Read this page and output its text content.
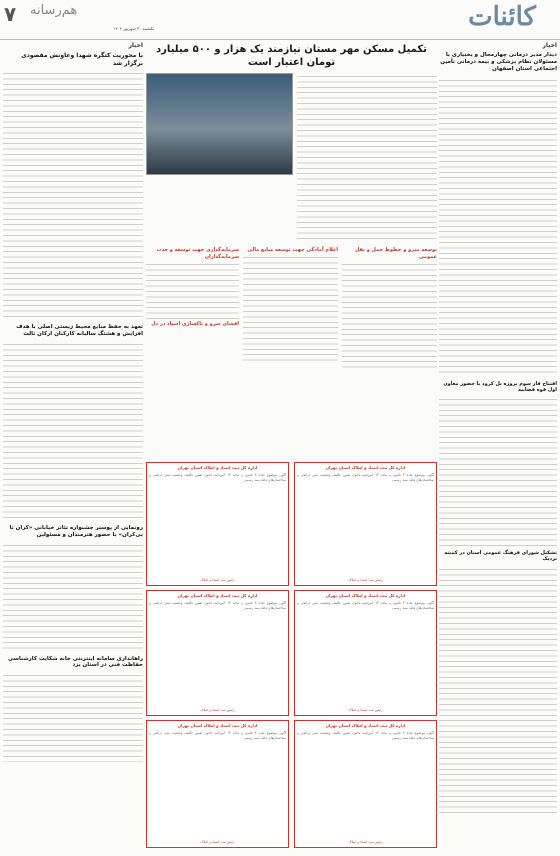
۷ هم‌رسانه
یکشنبه ۳۰ شهریور ۱۴۰۴	کائنات
اخبار
دیدار مدیر درمانی چهارمحال و بختیاری با مسئولان نظام پزشکی و بیمه درمانی تأمین اجتماعی استان اصفهان
افتتاح فاز سوم پروژه پل کرود با حضور معاون اول قوه قضاییه
تشکیل شورای فرهنگ عمومی استان در کمیته نزدیک
تکمیل مسکن مهر مستان نیازمند یک هزار و ۵۰۰ میلیارد تومان اعتبار است
توسعه مترو و خطوط حمل و نقل عمومی
اعلام آمادگی جهت توسعه منابع مالی
سرمایه‌گذاری جهت توسعه و جذب سرمایه‌گذاران
افشای سرو و پاکسازی اسناد در دل
اداره کل ثبت اسناد و املاک استان تهران
آگهی موضوع ماده ۳ قانون و ماده ۱۳ آیین‌نامه قانون تعیین تکلیف وضعیت ثبتی اراضی و ساختمان‌های فاقد سند رسمی
رئیس ثبت اسناد و املاک
اداره کل ثبت اسناد و املاک استان تهران
آگهی موضوع ماده ۳ قانون و ماده ۱۳ آیین‌نامه قانون تعیین تکلیف وضعیت ثبتی اراضی و ساختمان‌های فاقد سند رسمی
رئیس ثبت اسناد و املاک
اداره کل ثبت اسناد و املاک استان تهران
آگهی موضوع ماده ۳ قانون و ماده ۱۳ آیین‌نامه قانون تعیین تکلیف وضعیت ثبتی اراضی و ساختمان‌های فاقد سند رسمی
رئیس ثبت اسناد و املاک
اداره کل ثبت اسناد و املاک استان تهران
آگهی موضوع ماده ۳ قانون و ماده ۱۳ آیین‌نامه قانون تعیین تکلیف وضعیت ثبتی اراضی و ساختمان‌های فاقد سند رسمی
رئیس ثبت اسناد و املاک
اداره کل ثبت اسناد و املاک استان تهران
آگهی موضوع ماده ۳ قانون و ماده ۱۳ آیین‌نامه قانون تعیین تکلیف وضعیت ثبتی اراضی و ساختمان‌های فاقد سند رسمی
رئیس ثبت اسناد و املاک
اداره کل ثبت اسناد و املاک استان تهران
آگهی موضوع ماده ۳ قانون و ماده ۱۳ آیین‌نامه قانون تعیین تکلیف وضعیت ثبتی اراضی و ساختمان‌های فاقد سند رسمی
رئیس ثبت اسناد و املاک
اخبار
با محوریت کنگره شهدا وعاونش مقصودی برگزار شد
تعهد به حفظ منابع محیط زیستی اصلی با هدف افزایش و هشتگ سالیانه کارکنان ارکان ثالث
رونمایی از پوستر جشنواره تئاتر خیابانی «کران تا بی‌کران» با حضور هنرمندان و مسئولین
راهاندازی سامانه اینترنتی خانه شکایت کارشناسی حفاظت فنی در استان یزد
